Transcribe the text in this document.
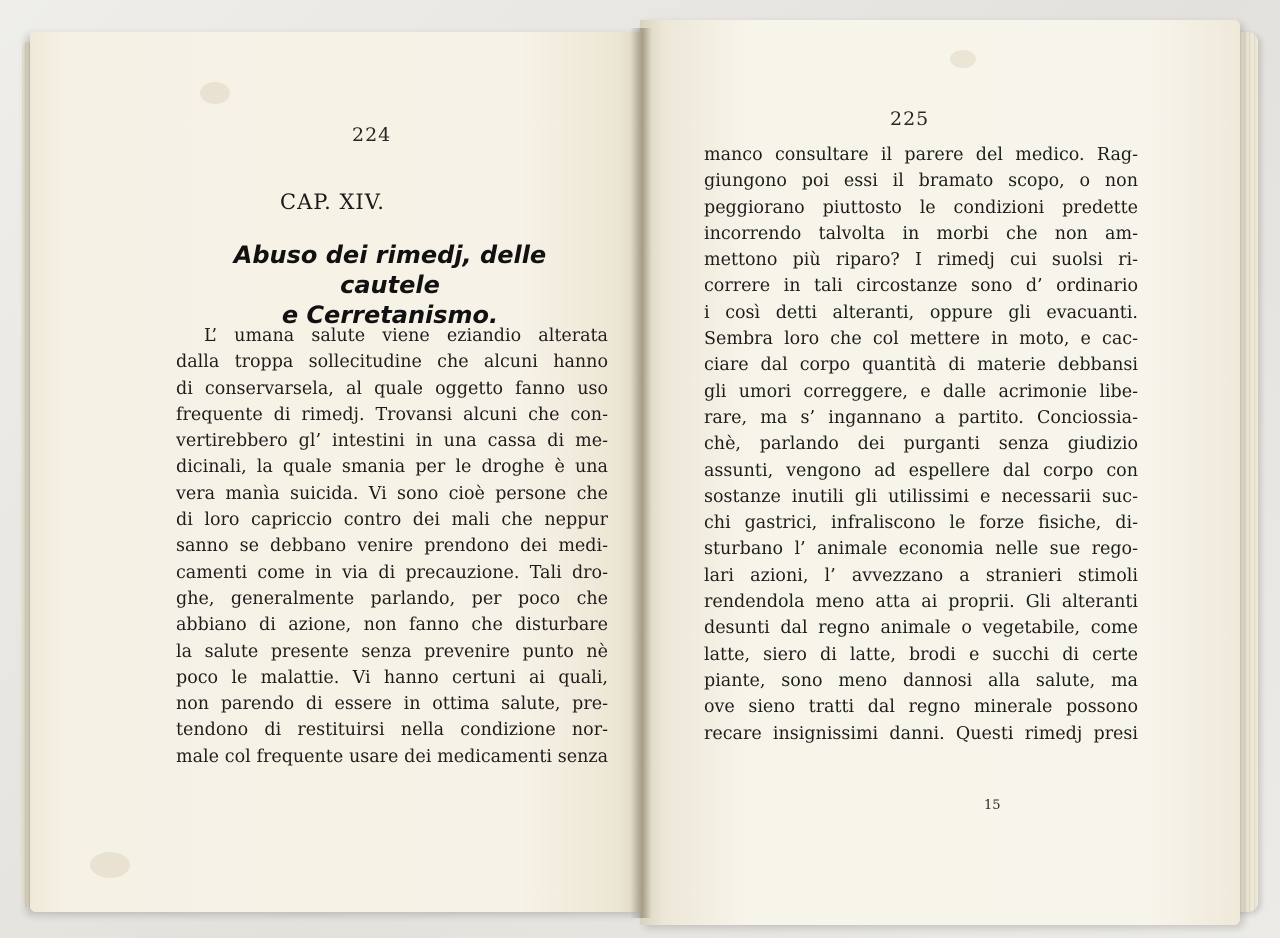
224
CAP. XIV.
Abuso dei rimedj, delle cautele
e Cerretanismo.
L’ umana salute viene eziandio alterata
dalla troppa sollecitudine che alcuni hanno
di conservarsela, al quale oggetto fanno uso
frequente di rimedj. Trovansi alcuni che con-
vertirebbero gl’ intestini in una cassa di me-
dicinali, la quale smania per le droghe è una
vera manìa suicida. Vi sono cioè persone che
di loro capriccio contro dei mali che neppur
sanno se debbano venire prendono dei medi-
camenti come in via di precauzione. Tali dro-
ghe, generalmente parlando, per poco che
abbiano di azione, non fanno che disturbare
la salute presente senza prevenire punto nè
poco le malattie. Vi hanno certuni ai quali,
non parendo di essere in ottima salute, pre-
tendono di restituirsi nella condizione nor-
male col frequente usare dei medicamenti senza
225
manco consultare il parere del medico. Rag-
giungono poi essi il bramato scopo, o non
peggiorano piuttosto le condizioni predette
incorrendo talvolta in morbi che non am-
mettono più riparo? I rimedj cui suolsi ri-
correre in tali circostanze sono d’ ordinario
i così detti alteranti, oppure gli evacuanti.
Sembra loro che col mettere in moto, e cac-
ciare dal corpo quantità di materie debbansi
gli umori correggere, e dalle acrimonie libe-
rare, ma s’ ingannano a partito. Conciossia-
chè, parlando dei purganti senza giudizio
assunti, vengono ad espellere dal corpo con
sostanze inutili gli utilissimi e necessarii suc-
chi gastrici, infraliscono le forze fisiche, di-
sturbano l’ animale economia nelle sue rego-
lari azioni, l’ avvezzano a stranieri stimoli
rendendola meno atta ai proprii. Gli alteranti
desunti dal regno animale o vegetabile, come
latte, siero di latte, brodi e succhi di certe
piante, sono meno dannosi alla salute, ma
ove sieno tratti dal regno minerale possono
recare insignissimi danni. Questi rimedj presi
15
